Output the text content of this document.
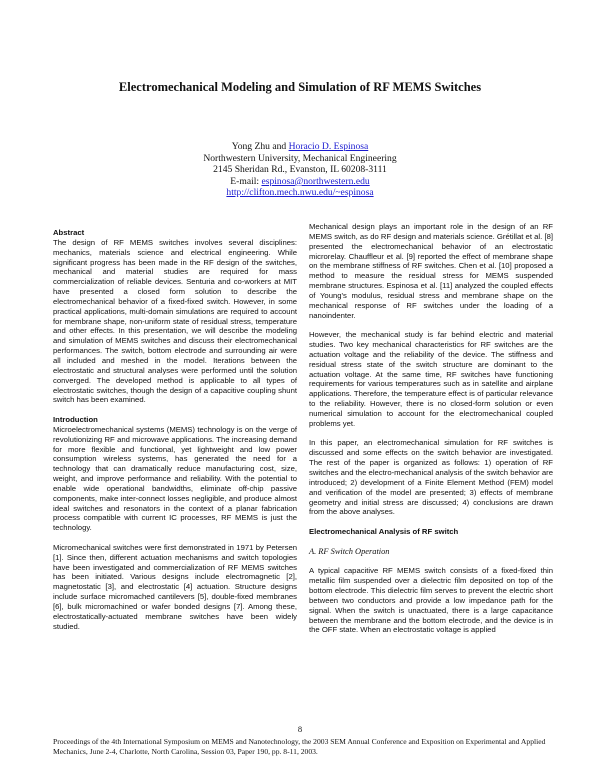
Electromechanical Modeling and Simulation of RF MEMS Switches
Yong Zhu and Horacio D. Espinosa
Northwestern University, Mechanical Engineering
2145 Sheridan Rd., Evanston, IL 60208-3111
E-mail: espinosa@northwestern.edu
http://clifton.mech.nwu.edu/~espinosa
Abstract

The design of RF MEMS switches involves several disciplines: mechanics, materials science and electrical engineering. While significant progress has been made in the RF design of the switches, mechanical and material studies are required for mass commercialization of reliable devices. Senturia and co-workers at MIT have presented a closed form solution to describe the electromechanical behavior of a fixed-fixed switch. However, in some practical applications, multi-domain simulations are required to account for membrane shape, non-uniform state of residual stress, temperature and other effects. In this presentation, we will describe the modeling and simulation of MEMS switches and discuss their electromechanical performances. The switch, bottom electrode and surrounding air were all included and meshed in the model. Iterations between the electrostatic and structural analyses were performed until the solution converged. The developed method is applicable to all types of electrostatic switches, though the design of a capacitive coupling shunt switch has been examined.

Introduction

Microelectromechanical systems (MEMS) technology is on the verge of revolutionizing RF and microwave applications. The increasing demand for more flexible and functional, yet lightweight and low power consumption wireless systems, has generated the need for a technology that can dramatically reduce manufacturing cost, size, weight, and improve performance and reliability. With the potential to enable wide operational bandwidths, eliminate off-chip passive components, make inter-connect losses negligible, and produce almost ideal switches and resonators in the context of a planar fabrication process compatible with current IC processes, RF MEMS is just the technology.

Micromechanical switches were first demonstrated in 1971 by Petersen [1]. Since then, different actuation mechanisms and switch topologies have been investigated and commercialization of RF MEMS switches has been initiated. Various designs include electromagnetic [2], magnetostatic [3], and electrostatic [4] actuation. Structure designs include surface micromached cantilevers [5], double-fixed membranes [6], bulk micromachined or wafer bonded designs [7]. Among these, electrostatically-actuated membrane switches have been widely studied.

Mechanical design plays an important role in the design of an RF MEMS switch, as do RF design and materials science. Grétillat et al. [8] presented the electromechanical behavior of an electrostatic microrelay. Chauffleur et al. [9] reported the effect of membrane shape on the membrane stiffness of RF switches. Chen et al. [10] proposed a method to measure the residual stress for MEMS suspended membrane structures. Espinosa et al. [11] analyzed the coupled effects of Young's modulus, residual stress and membrane shape on the mechanical response of RF switches under the loading of a nanoindenter.

However, the mechanical study is far behind electric and material studies. Two key mechanical characteristics for RF switches are the actuation voltage and the reliability of the device. The stiffness and residual stress state of the switch structure are dominant to the actuation voltage. At the same time, RF switches have functioning requirements for various temperatures such as in satellite and airplane applications. Therefore, the temperature effect is of particular relevance to the reliability. However, there is no closed-form solution or even numerical simulation to account for the electromechanical coupled problems yet.

In this paper, an electromechanical simulation for RF switches is discussed and some effects on the switch behavior are investigated. The rest of the paper is organized as follows: 1) operation of RF switches and the electro-mechanical analysis of the switch behavior are introduced; 2) development of a Finite Element Method (FEM) model and verification of the model are presented; 3) effects of membrane geometry and initial stress are discussed; 4) conclusions are drawn from the above analyses.

Electromechanical Analysis of RF switch
A. RF Switch Operation

A typical capacitive RF MEMS switch consists of a fixed-fixed thin metallic film suspended over a dielectric film deposited on top of the bottom electrode. This dielectric film serves to prevent the electric short between two conductors and provide a low impedance path for the signal. When the switch is unactuated, there is a large capacitance between the membrane and the bottom electrode, and the device is in the OFF state. When an electrostatic voltage is applied

8
Proceedings of the 4th International Symposium on MEMS and Nanotechnology, the 2003 SEM Annual Conference and Exposition on Experimental and Applied Mechanics, June 2-4, Charlotte, North Carolina, Session 03, Paper 190, pp. 8-11, 2003.
